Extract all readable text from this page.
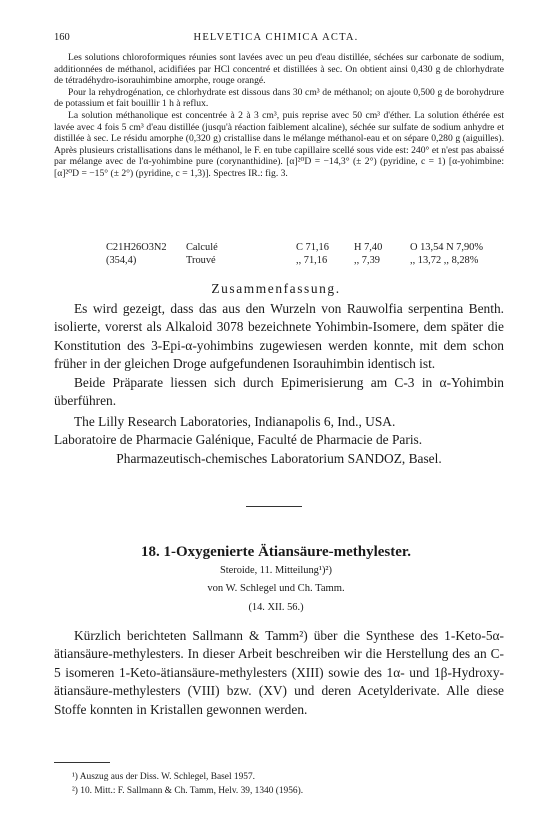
160	HELVETICA CHIMICA ACTA.

Les solutions chloroformiques réunies sont lavées avec un peu d'eau distillée, séchées sur carbonate de sodium, additionnées de méthanol, acidifiées par HCl concentré et distillées à sec. On obtient ainsi 0,430 g de chlorhydrate de tétradéhydro-isorauhimbine amorphe, rouge orangé.

Pour la rehydrogénation, ce chlorhydrate est dissous dans 30 cm³ de méthanol; on ajoute 0,500 g de borohydrure de potassium et fait bouillir 1 h à reflux.

La solution méthanolique est concentrée à 2 à 3 cm³, puis reprise avec 50 cm³ d'éther. La solution éthérée est lavée avec 4 fois 5 cm³ d'eau distillée (jusqu'à réaction faiblement alcaline), séchée sur sulfate de sodium anhydre et distillée à sec. Le résidu amorphe (0,320 g) cristallise dans le mélange méthanol-eau et on sépare 0,280 g (aiguilles). Après plusieurs cristallisations dans le méthanol, le F. en tube capillaire scellé sous vide est: 240° et n'est pas abaissé par mélange avec de l'α-yohimbine pure (corynanthidine). [α]²⁰D = −14,3° (± 2°) (pyridine, c = 1) [α-yohimbine: [α]²⁰D = −15° (± 2°) (pyridine, c = 1,3)]. Spectres IR.: fig. 3.

C21H26O3N2 Calculé	C 71,16 H 7,40	O 13,54 N 7,90%
(354,4)	Trouvé	,, 71,16	,, 7,39	,, 13,72 ,, 8,28%
Zusammenfassung.

Es wird gezeigt, dass das aus den Wurzeln von Rauwolfia serpentina Benth. isolierte, vorerst als Alkaloid 3078 bezeichnete Yohimbin-Isomere, dem später die Konstitution des 3-Epi-α-yohimbins zugewiesen werden konnte, mit dem schon früher in der gleichen Droge aufgefundenen Isorauhimbin identisch ist.

Beide Präparate liessen sich durch Epimerisierung am C-3 in α-Yohimbin überführen.

The Lilly Research Laboratories, Indianapolis 6, Ind., USA.

Laboratoire de Pharmacie Galénique, Faculté de Pharmacie de Paris.

Pharmazeutisch-chemisches Laboratorium SANDOZ, Basel.

18. 1-Oxygenierte Ätiansäure-methylester.
Steroide, 11. Mitteilung¹)²)
von W. Schlegel und Ch. Tamm.
(14. XII. 56.)

Kürzlich berichteten Sallmann & Tamm²) über die Synthese des 1-Keto-5α-ätiansäure-methylesters. In dieser Arbeit beschreiben wir die Herstellung des an C-5 isomeren 1-Keto-ätiansäure-methylesters (XIII) sowie des 1α- und 1β-Hydroxy-ätiansäure-methylesters (VIII) bzw. (XV) und deren Acetylderivate. Alle diese Stoffe konnten in Kristallen gewonnen werden.

¹) Auszug aus der Diss. W. Schlegel, Basel 1957.
²) 10. Mitt.: F. Sallmann & Ch. Tamm, Helv. 39, 1340 (1956).
